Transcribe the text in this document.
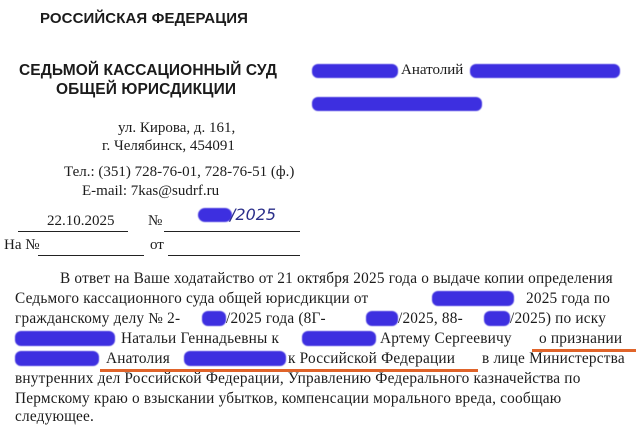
РОССИЙСКАЯ ФЕДЕРАЦИЯ
СЕДЬМОЙ КАССАЦИОННЫЙ СУД
ОБЩЕЙ ЮРИСДИКЦИИ
ул. Кирова, д. 161,
г. Челябинск, 454091
Тел.: (351) 728-76-01, 728-76-51 (ф.)
E-mail: 7kas@sudrf.ru
22.10.2025 №	/2025
На №	от
Анатолий
В ответ на Ваше ходатайство от 21 октября 2025 года о выдаче копии определения
Седьмого кассационного суда общей юрисдикции от	2025 года по
гражданскому делу № 2-	/2025 года (8Г-	/2025, 88-	/2025) по иску
Натальи Геннадьевны к	Артему Сергеевичу о признании
Анатолия	к Российской Федерации в лице Министерства
внутренних дел Российской Федерации, Управлению Федерального казначейства по
Пермскому краю о взыскании убытков, компенсации морального вреда, сообщаю
следующее.
